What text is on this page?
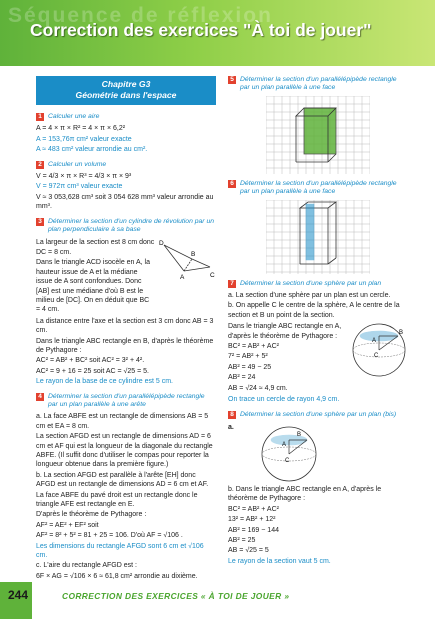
Séquence de réflexion
Correction des exercices "À toi de jouer"
Chapitre G3
Géométrie dans l'espace
1 Calculer une aire
A = 4 × π × R² = 4 × π × 6,2²
A = 153,76π cm² valeur exacte
A ≈ 483 cm² valeur arrondie au cm².
2 Calculer un volume
V = 4/3 × π × R³ = 4/3 × π × 9³
V = 972π cm³ valeur exacte
V ≈ 3 053,628 cm³ soit 3 054 628 mm³ valeur arrondie au mm³.
3 Déterminer la section d'un cylindre de révolution par un plan perpendiculaire à sa base
La largeur de la section est 8 cm donc DC = 8 cm.
Dans le triangle ACD isocèle en A, la hauteur issue de A et la médiane issue de A sont confondues. Donc [AB] est une médiane d'où B est le milieu de [DC]. On en déduit que BC = 4 cm.
D
B
A	C
La distance entre l'axe et la section est 3 cm donc AB = 3 cm.
Dans le triangle ABC rectangle en B, d'après le théorème de Pythagore :
AC² = AB² + BC² soit AC² = 3² + 4².
AC² = 9 + 16 = 25 soit AC = √25 = 5.
Le rayon de la base de ce cylindre est 5 cm.
4 Déterminer la section d'un parallélépipède rectangle par un plan parallèle à une arête
a. La face ABFE est un rectangle de dimensions AB = 5 cm et EA = 8 cm.
La section AFGD est un rectangle de dimensions AD = 6 cm et AF qui est la longueur de la diagonale du rectangle ABFE. (Il suffit donc d'utiliser le compas pour reporter la longueur obtenue dans la première figure.)
b. La section AFGD est parallèle à l'arête [EH] donc AFGD est un rectangle de dimensions AD = 6 cm et AF.
La face ABFE du pavé droit est un rectangle donc le triangle AFE est rectangle en E.
D'après le théorème de Pythagore :
AF² = AE² + EF² soit
AF² = 8² + 5² = 81 + 25 = 106. D'où AF = √106 .
Les dimensions du rectangle AFGD sont 6 cm et √106 cm.
c. L'aire du rectangle AFGD est :
6F × AG = √106 × 6 ≈ 61,8 cm² arrondie au dixième.
5 Déterminer la section d'un parallélépipède rectangle par un plan parallèle à une face
6 Déterminer la section d'un parallélépipède rectangle par un plan parallèle à une face
7 Déterminer la section d'une sphère par un plan
a. La section d'une sphère par un plan est un cercle.
b. On appelle C le centre de la sphère, A le centre de la section et B un point de la section.
Dans le triangle ABC rectangle en A, d'après le théorème de Pythagore :
BC² = AB² + AC²
7² = AB² + 5²
AB² = 49 − 25
AB² = 24
AB = √24 ≈ 4,9 cm.
A
B
C
On trace un cercle de rayon 4,9 cm.
8 Déterminer la section d'une sphère par un plan (bis)
a.
A
B
C
b. Dans le triangle ABC rectangle en A, d'après le théorème de Pythagore :
BC² = AB² + AC²
13² = AB² + 12²
AB² = 169 − 144
AB² = 25
AB = √25 = 5
Le rayon de la section vaut 5 cm.
244	CORRECTION DES EXERCICES « À TOI DE JOUER »
